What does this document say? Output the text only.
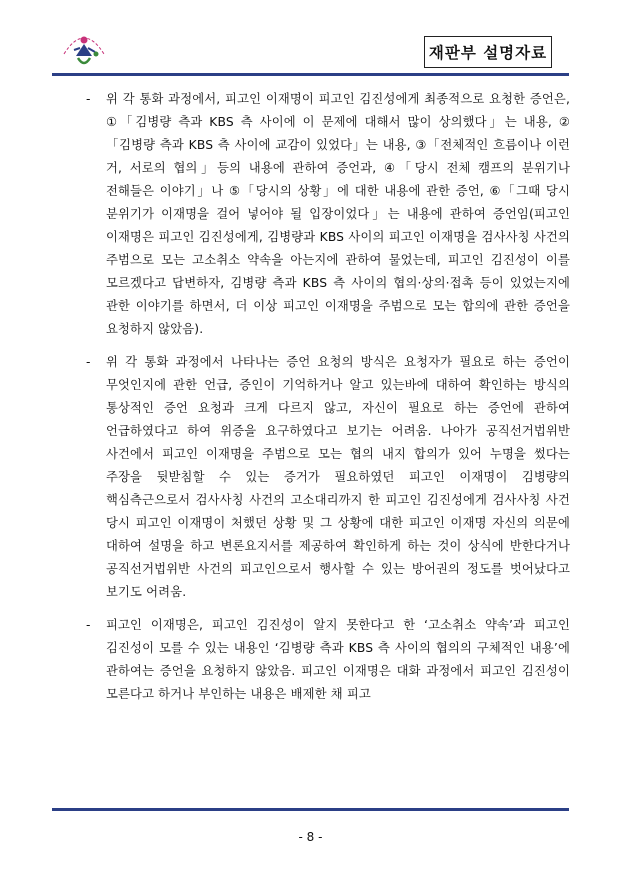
재판부 설명자료

- 위 각 통화 과정에서, 피고인 이재명이 피고인 김진성에게 최종적으로 요청한 증언은, ①「김병량 측과 KBS 측 사이에 이 문제에 대해서 많이 상의했다」는 내용, ②「김병량 측과 KBS 측 사이에 교감이 있었다」는 내용, ③「전체적인 흐름이나 이런 거, 서로의 협의」등의 내용에 관하여 증언과, ④「당시 전체 캠프의 분위기나 전해들은 이야기」나 ⑤「당시의 상황」에 대한 내용에 관한 증언, ⑥「그때 당시 분위기가 이재명을 걸어 넣어야 될 입장이었다」는 내용에 관하여 증언임(피고인 이재명은 피고인 김진성에게, 김병량과 KBS 사이의 피고인 이재명을 검사사칭 사건의 주범으로 모는 고소취소 약속을 아는지에 관하여 물었는데, 피고인 김진성이 이를 모르겠다고 답변하자, 김병량 측과 KBS 측 사이의 협의·상의·접촉 등이 있었는지에 관한 이야기를 하면서, 더 이상 피고인 이재명을 주범으로 모는 합의에 관한 증언을 요청하지 않았음).

- 위 각 통화 과정에서 나타나는 증언 요청의 방식은 요청자가 필요로 하는 증언이 무엇인지에 관한 언급, 증인이 기억하거나 알고 있는바에 대하여 확인하는 방식의 통상적인 증언 요청과 크게 다르지 않고, 자신이 필요로 하는 증언에 관하여 언급하였다고 하여 위증을 요구하였다고 보기는 어려움. 나아가 공직선거법위반 사건에서 피고인 이재명을 주범으로 모는 협의 내지 합의가 있어 누명을 썼다는 주장을 뒷받침할 수 있는 증거가 필요하였던 피고인 이재명이 김병량의 핵심측근으로서 검사사칭 사건의 고소대리까지 한 피고인 김진성에게 검사사칭 사건 당시 피고인 이재명이 처했던 상황 및 그 상황에 대한 피고인 이재명 자신의 의문에 대하여 설명을 하고 변론요지서를 제공하여 확인하게 하는 것이 상식에 반한다거나 공직선거법위반 사건의 피고인으로서 행사할 수 있는 방어권의 정도를 벗어났다고 보기도 어려움.

- 피고인 이재명은, 피고인 김진성이 알지 못한다고 한 ‘고소취소 약속’과 피고인 김진성이 모를 수 있는 내용인 ‘김병량 측과 KBS 측 사이의 협의의 구체적인 내용’에 관하여는 증언을 요청하지 않았음. 피고인 이재명은 대화 과정에서 피고인 김진성이 모른다고 하거나 부인하는 내용은 배제한 채 피고

- 8 -
